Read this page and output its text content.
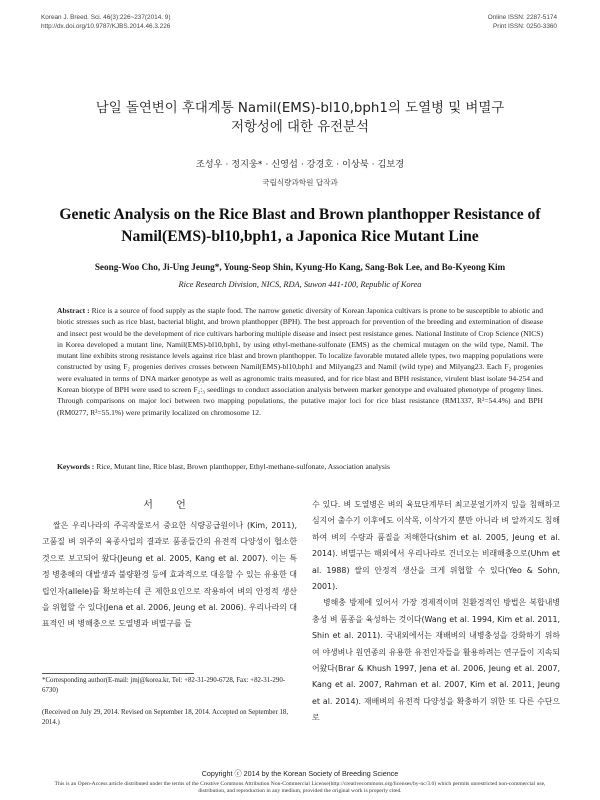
Korean J. Breed. Sci. 46(3):226~237(2014. 9)
http://dx.doi.org/10.9787/KJBS.2014.46.3.226
Online ISSN: 2287-5174
Print ISSN: 0250-3360
남일 돌연변이 후대계통 Namil(EMS)-bl10,bph1의 도열병 및 벼멸구
저항성에 대한 유전분석
조성우 · 정지웅* · 신영섭 · 강경호 · 이상북 · 김보경
국립식량과학원 답작과
Genetic Analysis on the Rice Blast and Brown planthopper Resistance of
Namil(EMS)-bl10,bph1, a Japonica Rice Mutant Line
Seong-Woo Cho, Ji-Ung Jeung*, Young-Seop Shin, Kyung-Ho Kang, Sang-Bok Lee, and Bo-Kyeong Kim
Rice Research Division, NICS, RDA, Suwon 441-100, Republic of Korea
Abstract : Rice is a source of food supply as the staple food. The narrow genetic diversity of Korean Japonica cultivars is prone to be susceptible to abiotic and biotic stresses such as rice blast, bacterial blight, and brown planthopper (BPH). The best approach for prevention of the breeding and extermination of disease and insect pest would be the development of rice cultivars harboring multiple disease and insect pest resistance genes. National Institute of Crop Science (NICS) in Korea developed a mutant line, Namil(EMS)-bl10,bph1, by using ethyl-methane-sulfonate (EMS) as the chemical mutagen on the wild type, Namil. The mutant line exhibits strong resistance levels against rice blast and brown planthopper. To localize favorable mutated allele types, two mapping populations were constructed by using F₂ progenies derives crosses between Namil(EMS)-bl10,bph1 and Milyang23 and Namil (wild type) and Milyang23. Each F₂ progenies were evaluated in terms of DNA marker genotype as well as agronomic traits measured, and for rice blast and BPH resistance, virulent blast isolate 94-254 and Korean biotype of BPH were used to screen F₂:₃ seedlings to conduct association analysis between marker genotype and evaluated phenotype of progeny lines. Through comparisons on major loci between two mapping populations, the putative major loci for rice blast resistance (RM1337, R²=54.4%) and BPH (RM0277, R²=55.1%) were primarily localized on chromosome 12.
Keywords : Rice, Mutant line, Rice blast, Brown planthopper, Ethyl-methane-sulfonate, Association analysis
서 언

쌀은 우리나라의 주곡작물로서 중요한 식량공급원이나 (Kim, 2011), 고품질 벼 위주의 육종사업의 결과로 품종들간의 유전적 다양성이 협소한 것으로 보고되어 왔다(Jeung et al. 2005, Kang et al. 2007). 이는 특정 병충해의 대발생과 불량환경 등에 효과적으로 대응할 수 있는 유용한 대립인자(allele)를 확보하는데 큰 제한요인으로 작용하여 벼의 안정적 생산을 위협할 수 있다(Jena et al. 2006, Jeung et al. 2006). 우리나라의 대표적인 벼 병해충으로 도열병과 벼멸구를 들

수 있다. 벼 도열병은 벼의 육묘단계부터 최고분얼기까지 잎을 침해하고 심지어 출수기 이후에도 이삭목, 이삭가지 뿐만 아니라 벼 알까지도 침해하여 벼의 수량과 품질을 저해한다(shim et al. 2005, Jeung et al. 2014). 벼멸구는 해외에서 우리나라로 건너오는 비래해충으로(Uhm et al. 1988) 쌀의 안정적 생산을 크게 위협할 수 있다(Yeo & Sohn, 2001).

병해충 방제에 있어서 가장 경제적이며 친환경적인 방법은 복합내병충성 벼 품종을 육성하는 것이다(Wang et al. 1994, Kim et al. 2011, Shin et al. 2011). 국내외에서는 재배벼의 내병충성을 강화하기 위하여 야생벼나 원연종의 유용한 유전인자들을 활용하려는 연구들이 지속되어왔다(Brar & Khush 1997, Jena et al. 2006, Jeung et al. 2007, Kang et al. 2007, Rahman et al. 2007, Kim et al. 2011, Jeung et al. 2014). 재배벼의 유전적 다양성을 확충하기 위한 또 다른 수단으로

*Corresponding author(E-mail: jmj@korea.kr, Tel: +82-31-290-6728, Fax: +82-31-290-6730)
(Received on July 29, 2014. Revised on September 18, 2014. Accepted on September 18, 2014.)
Copyright ⓒ 2014 by the Korean Society of Breeding Science
This is an Open-Access article distributed under the terms of the Creative Commons Attribution Non-Commercial License(http://creativecommons.org/licenses/by-nc/3.0) which permits unrestricted non-commercial use, distribution, and reproduction in any medium, provided the original work is properly cited.
